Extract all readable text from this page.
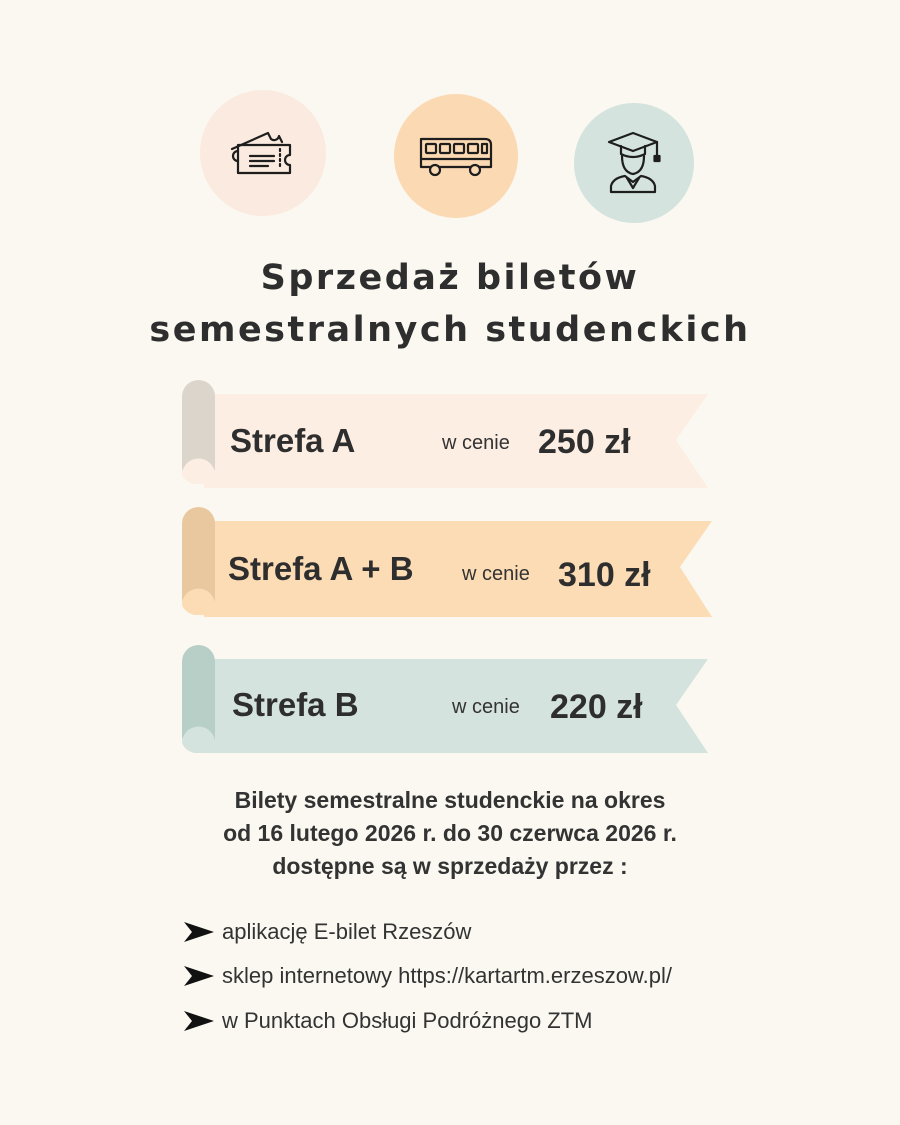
Sprzedaż biletów
semestralnych studenckich
Strefa A	w cenie 250 zł
Strefa A + B w cenie 310 zł
Strefa B	w cenie 220 zł
Bilety semestralne studenckie na okres
od 16 lutego 2026 r. do 30 czerwca 2026 r.
dostępne są w sprzedaży przez :
aplikację E-bilet Rzeszów
sklep internetowy https://kartartm.erzeszow.pl/
w Punktach Obsługi Podróżnego ZTM
